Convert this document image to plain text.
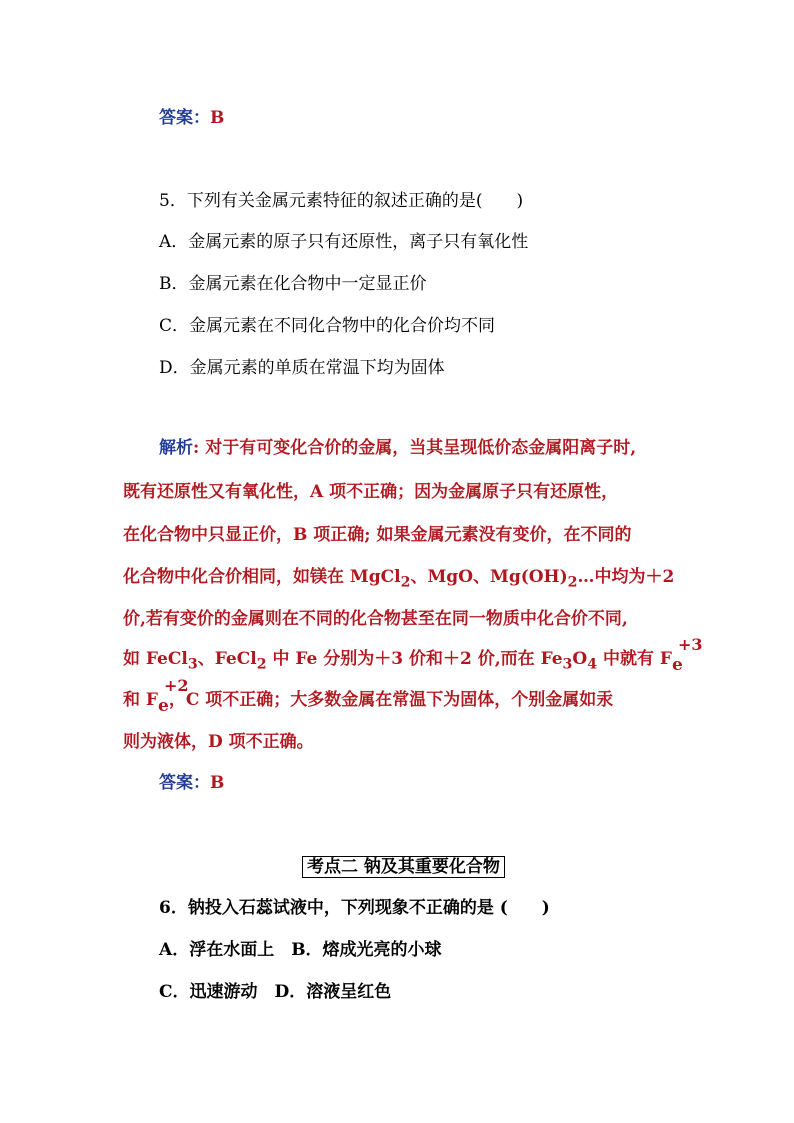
答案：B
5．下列有关金属元素特征的叙述正确的是(　　)
A．金属元素的原子只有还原性，离子只有氧化性
B．金属元素在化合物中一定显正价
C．金属元素在不同化合物中的化合价均不同
D．金属元素的单质在常温下均为固体
解析: 对于有可变化合价的金属，当其呈现低价态金属阳离子时,
既有还原性又有氧化性，A 项不正确；因为金属原子只有还原性，
在化合物中只显正价，B 项正确; 如果金属元素没有变价，在不同的
化合物中化合价相同，如镁在 MgCl$_2$、MgO、$Mg(OH)_2\dots$中均为＋2
价,若有变价的金属则在不同的化合物甚至在同一物质中化合价不同,
如 FeCl$_3$、FeCl$_2$ 中 Fe 分别为＋3 价和＋2 价,而在 $Fe_3O_4$ 中就有 F
+3
e
和 F
+2
e，C 项不正确；大多数金属在常温下为固体，个别金属如汞
则为液体，D 项不正确。
答案：B
考点二 钠及其重要化合物
6．钠投入石蕊试液中，下列现象不正确的是 (　　)
A．浮在水面上　B．熔成光亮的小球
C．迅速游动　D．溶液呈红色
